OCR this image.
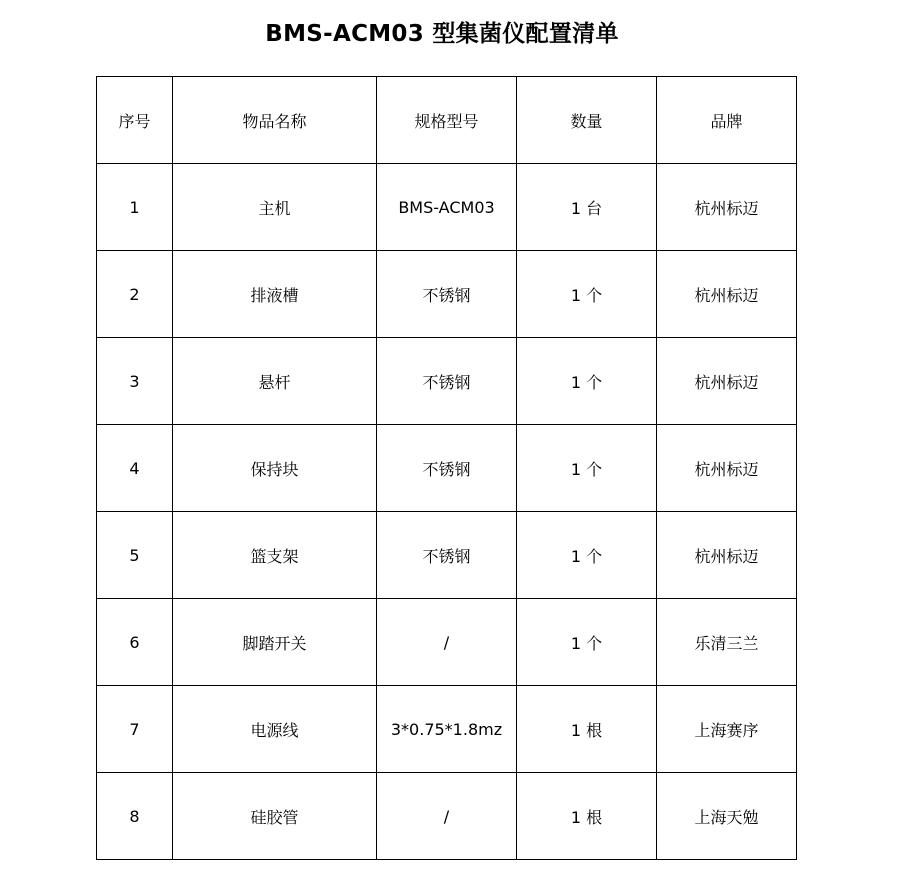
BMS-ACM03 型集菌仪配置清单
序号	物品名称	规格型号	数量	品牌
1	主机	BMS-ACM03	1 台	杭州标迈
2	排液槽	不锈钢	1 个	杭州标迈
3	悬杆	不锈钢	1 个	杭州标迈
4	保持块	不锈钢	1 个	杭州标迈
5	篮支架	不锈钢	1 个	杭州标迈
6	脚踏开关	/	1 个	乐清三兰
7	电源线	3*0.75*1.8mz	1 根	上海赛序
8	硅胶管	/	1 根	上海天勉
